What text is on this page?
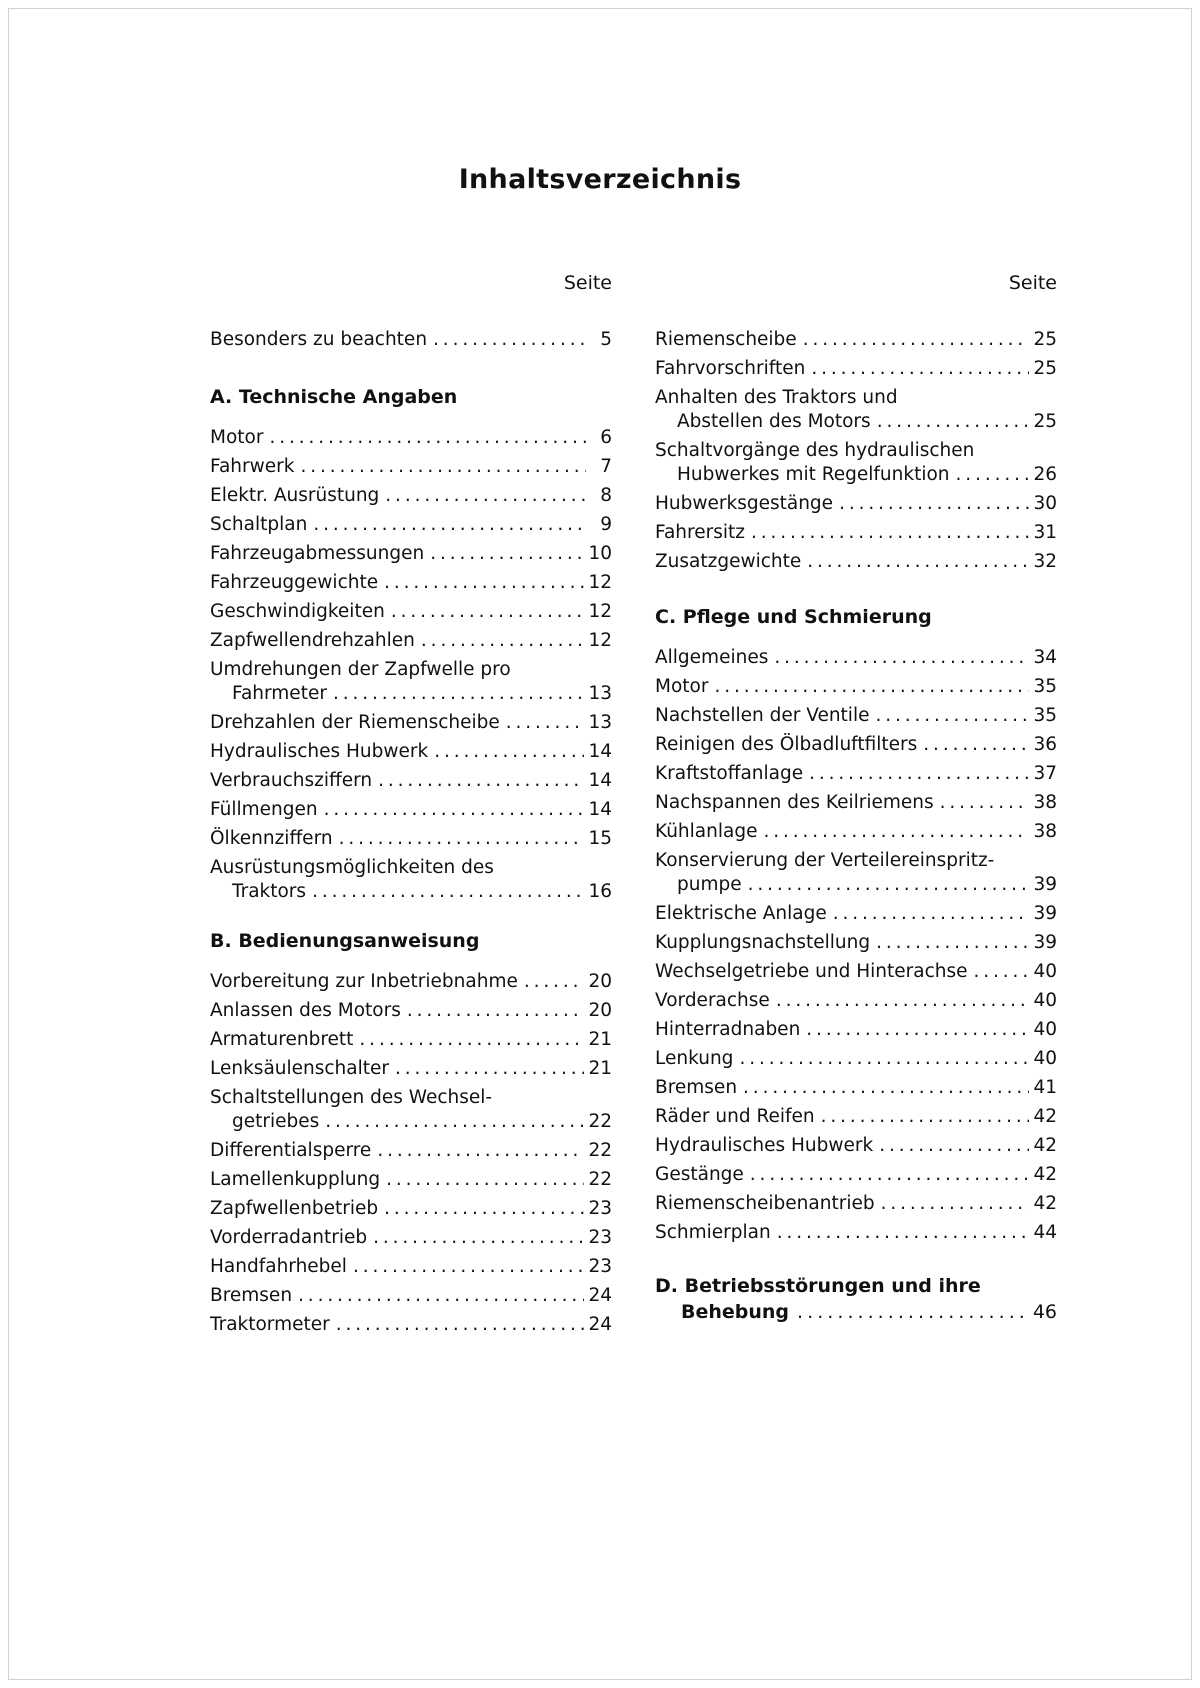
Inhaltsverzeichnis
Seite
Besonders zu beachten . . .	5
A. Technische Angaben
Motor . . .	6
Fahrwerk . . .	7
Elektr. Ausrüstung . . .	8
Schaltplan . . .	9
Fahrzeugabmessungen . . .	10
Fahrzeuggewichte . . .	12
Geschwindigkeiten . . .	12
Zapfwellendrehzahlen . . .	12
Umdrehungen der Zapfwelle pro
Fahrmeter . . .	13
Drehzahlen der Riemenscheibe . . .	13
Hydraulisches Hubwerk . . .	14
Verbrauchsziffern . . .	14
Füllmengen . . .	14
Ölkennziffern . . .	15
Ausrüstungsmöglichkeiten des
Traktors . . .	16
B. Bedienungsanweisung
Vorbereitung zur Inbetriebnahme . . .	20
Anlassen des Motors . . .	20
Armaturenbrett . . .	21
Lenksäulenschalter . . .	21
Schaltstellungen des Wechsel-
getriebes . . .	22
Differentialsperre . . .	22
Lamellenkupplung . . .	22
Zapfwellenbetrieb . . .	23
Vorderradantrieb . . .	23
Handfahrhebel . . .	23
Bremsen . . .	24
Traktormeter . . .	24
Seite
Riemenscheibe . . .	25
Fahrvorschriften . . .	25
Anhalten des Traktors und
Abstellen des Motors . . .	25
Schaltvorgänge des hydraulischen
Hubwerkes mit Regelfunktion . . .	26
Hubwerksgestänge . . .	30
Fahrersitz . . .	31
Zusatzgewichte . . .	32
C. Pflege und Schmierung
Allgemeines . . .	34
Motor . . .	35
Nachstellen der Ventile . . .	35
Reinigen des Ölbadluftfilters . . .	36
Kraftstoffanlage . . .	37
Nachspannen des Keilriemens . . .	38
Kühlanlage . . .	38
Konservierung der Verteilereinspritz-
pumpe . . .	39
Elektrische Anlage . . .	39
Kupplungsnachstellung . . .	39
Wechselgetriebe und Hinterachse . . .	40
Vorderachse . . .	40
Hinterradnaben . . .	40
Lenkung . . .	40
Bremsen . . .	41
Räder und Reifen . . .	42
Hydraulisches Hubwerk . . .	42
Gestänge . . .	42
Riemenscheibenantrieb . . .	42
Schmierplan . . .	44
D. Betriebsstörungen und ihre
Behebung . . .	46
